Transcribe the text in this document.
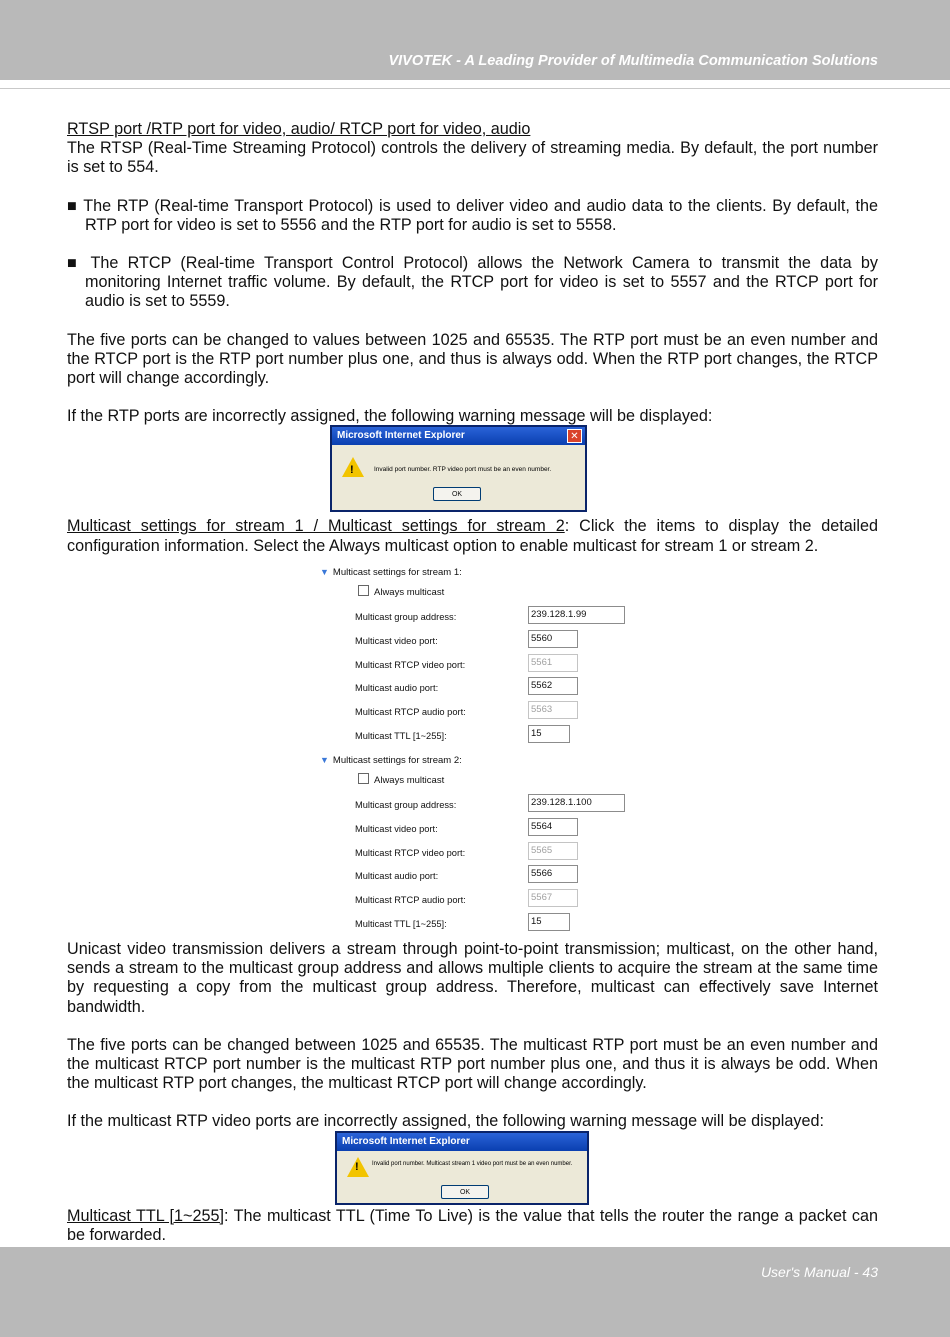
VIVOTEK - A Leading Provider of Multimedia Communication Solutions

RTSP port /RTP port for video, audio/ RTCP port for video, audio

The RTSP (Real-Time Streaming Protocol) controls the delivery of streaming media. By default, the port number is set to 554.

■ The RTP (Real-time Transport Protocol) is used to deliver video and audio data to the clients. By default, the RTP port for video is set to 5556 and the RTP port for audio is set to 5558.

■ The RTCP (Real-time Transport Control Protocol) allows the Network Camera to transmit the data by monitoring Internet traffic volume. By default, the RTCP port for video is set to 5557 and the RTCP port for audio is set to 5559.

The five ports can be changed to values between 1025 and 65535. The RTP port must be an even number and the RTCP port is the RTP port number plus one, and thus is always odd. When the RTP port changes, the RTCP port will change accordingly.

If the RTP ports are incorrectly assigned, the following warning message will be displayed:

Microsoft Internet Explorer	✕
!	Invalid port number. RTP video port must be an even number.
OK

Multicast settings for stream 1 / Multicast settings for stream 2: Click the items to display the detailed configuration information. Select the Always multicast option to enable multicast for stream 1 or stream 2.

▼ Multicast settings for stream 1:
Always multicast
Multicast group address:	239.128.1.99
Multicast video port:	5560
Multicast RTCP video port:	5561
Multicast audio port:	5562
Multicast RTCP audio port:	5563
Multicast TTL [1~255]:	15
▼ Multicast settings for stream 2:
Always multicast
Multicast group address:	239.128.1.100
Multicast video port:	5564
Multicast RTCP video port:	5565
Multicast audio port:	5566
Multicast RTCP audio port:	5567
Multicast TTL [1~255]:	15

Unicast video transmission delivers a stream through point-to-point transmission; multicast, on the other hand, sends a stream to the multicast group address and allows multiple clients to acquire the stream at the same time by requesting a copy from the multicast group address. Therefore, multicast can effectively save Internet bandwidth.

The five ports can be changed between 1025 and 65535. The multicast RTP port must be an even number and the multicast RTCP port number is the multicast RTP port number plus one, and thus it is always be odd. When the multicast RTP port changes, the multicast RTCP port will change accordingly.

If the multicast RTP video ports are incorrectly assigned, the following warning message will be displayed:

Microsoft Internet Explorer
! Invalid port number. Multicast stream 1 video port must be an even number.
OK

Multicast TTL [1~255]: The multicast TTL (Time To Live) is the value that tells the router the range a packet can be forwarded.

User's Manual - 43
